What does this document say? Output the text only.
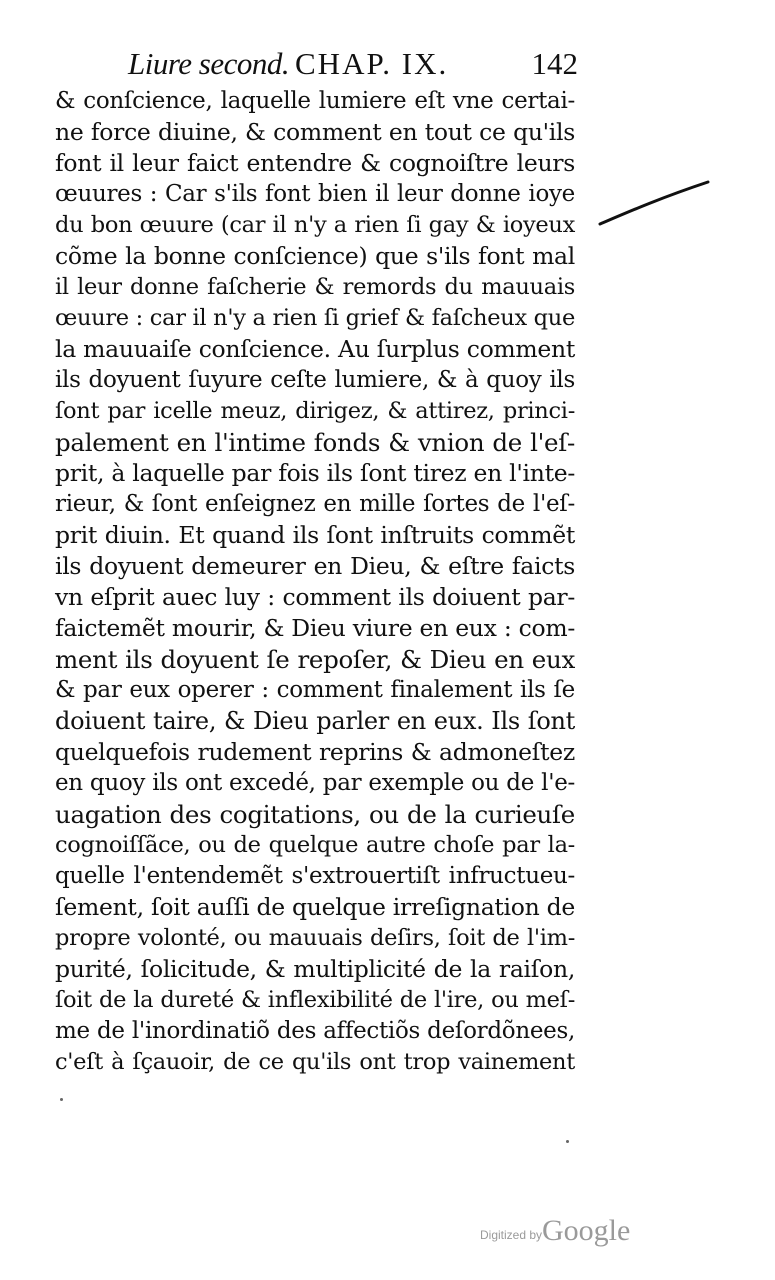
Liure second. CHAP. IX.	142
& conſcience, laquelle lumiere eſt vne certai-
ne force diuine, & comment en tout ce qu'ils
font il leur faict entendre & cognoiſtre leurs
œuures : Car s'ils font bien il leur donne ioye
du bon œuure (car il n'y a rien ſi gay & ioyeux
cõme la bonne conſcience) que s'ils font mal
il leur donne faſcherie & remords du mauuais
œuure : car il n'y a rien ſi grief & faſcheux que
la mauuaiſe conſcience. Au ſurplus comment
ils doyuent ſuyure ceſte lumiere, & à quoy ils
ſont par icelle meuz, dirigez, & attirez, princi-
palement en l'intime fonds & vnion de l'eſ-
prit, à laquelle par fois ils ſont tirez en l'inte-
rieur, & ſont enſeignez en mille ſortes de l'eſ-
prit diuin. Et quand ils ſont inſtruits commẽt
ils doyuent demeurer en Dieu, & eſtre faicts
vn eſprit auec luy : comment ils doiuent par-
faictemẽt mourir, & Dieu viure en eux : com-
ment ils doyuent ſe repoſer, & Dieu en eux
& par eux operer : comment finalement ils ſe
doiuent taire, & Dieu parler en eux. Ils ſont
quelquefois rudement reprins & admoneſtez
en quoy ils ont excedé, par exemple ou de l'e-
uagation des cogitations, ou de la curieuſe
cognoiſſãce, ou de quelque autre choſe par la-
quelle l'entendemẽt s'extrouertiſt infructueu-
ſement, ſoit auſſi de quelque irreſignation de
propre volonté, ou mauuais deſirs, ſoit de l'im-
purité, ſolicitude, & multiplicité de la raiſon,
ſoit de la dureté & inflexibilité de l'ire, ou meſ-
me de l'inordinatiõ des affectiõs deſordõnees,
c'eſt à ſçauoir, de ce qu'ils ont trop vainement
Digitized by Google
